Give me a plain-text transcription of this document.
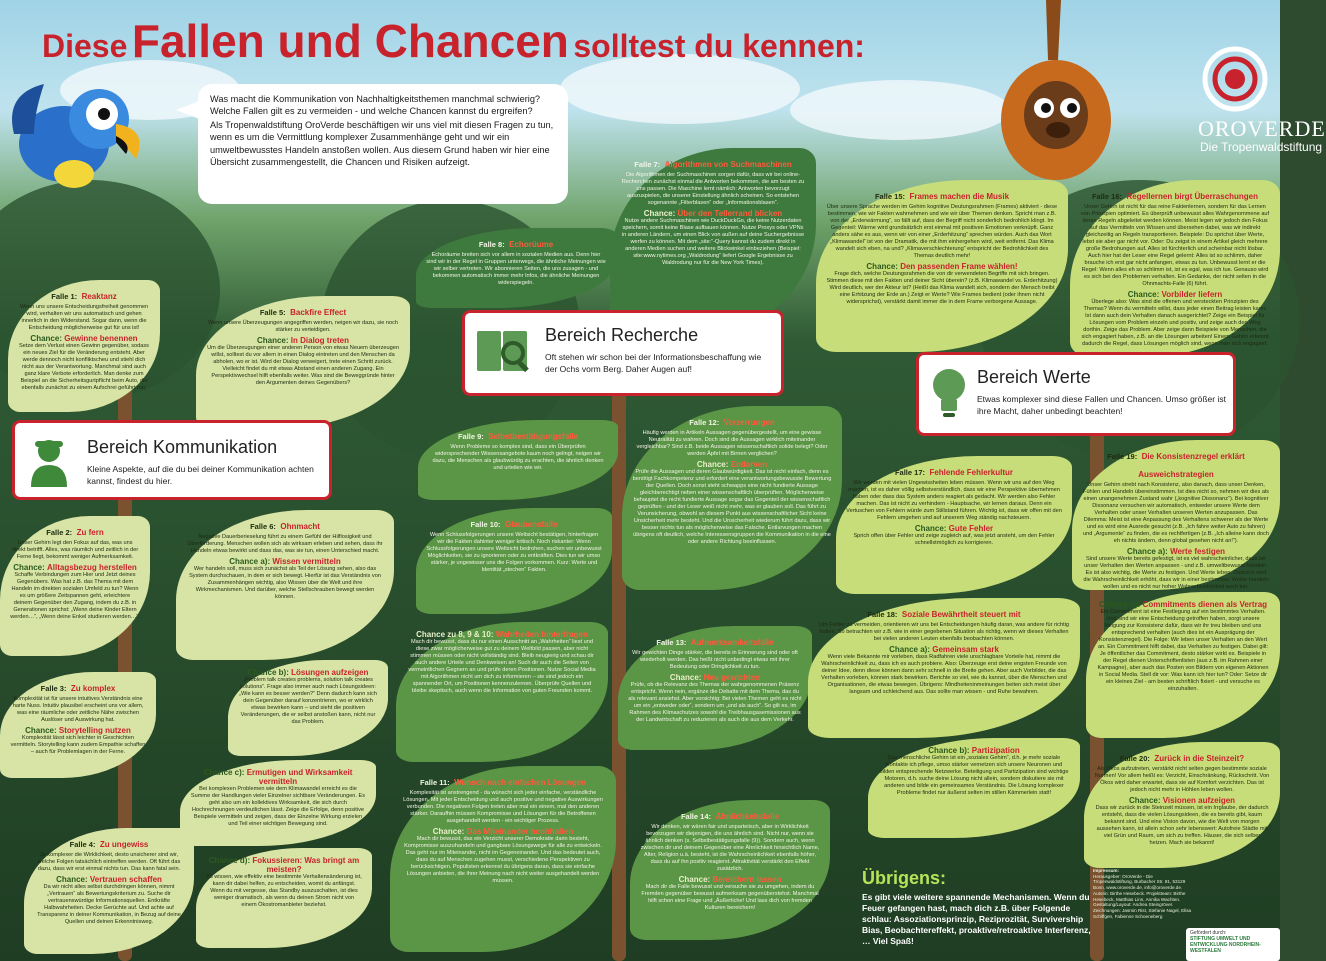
Diese Fallen und Chancen solltest du kennen:

Was macht die Kommunikation von Nachhaltigkeitsthemen manchmal schwierig? Welche Fallen gilt es zu vermeiden - und welche Chancen kannst du ergreifen?

Als Tropenwaldstiftung OroVerde beschäftigen wir uns viel mit diesen Fragen zu tun, wenn es um die Vermittlung komplexer Zusammenhänge geht und wir ein umweltbewusstes Handeln anstoßen wollen. Aus diesem Grund haben wir hier eine Übersicht zusammengestellt, die Chancen und Risiken aufzeigt.

OROVERDE
Die Tropenwaldstiftung
Falle 1: Reaktanz
Wenn uns unsere Entscheidungsfreiheit genommen wird, verhalten wir uns automatisch und gehen innerlich in den Widerstand. Sogar dann, wenn die Entscheidung möglicherweise gut für uns ist!
Chance: Gewinne benennen
Setze dem Verlust einen Gewinn gegenüber, sodass ein neues Ziel für die Veränderung entsteht. Aber werde dennoch nicht konfliktscheu und stiehl dich nicht aus der Verantwortung. Manchmal sind auch ganz klare Verbote erforderlich. Man denke zum Beispiel an die Sicherheitsgurtpflicht beim Auto, die ebenfalls zunächst zu einem Aufschrei geführt hat.
Falle 5: Backfire Effect
Wenn unsere Überzeugungen angegriffen werden, neigen wir dazu, sie noch stärker zu verteidigen.
Chance: In Dialog treten
Um die Überzeugungen einer anderen Person von etwas Neuem überzeugen willst, solltest du vor allem in einen Dialog eintreten und den Menschen da abholen, wo er ist. Wird der Dialog verweigert, trete einen Schritt zurück. Vielleicht findet du mit etwas Abstand einen anderen Zugang. Ein Perspektivwechsel hilft ebenfalls weiter. Was sind die Beweggründe hinter den Argumenten deines Gegenübers?
Bereich Kommunikation
Kleine Aspekte, auf die du bei deiner Kommunikation achten kannst, findest du hier.
Falle 2: Zu fern
Unser Gehirn legt den Fokus auf das, was uns direkt betrifft. Alles, was räumlich und zeitlich in der Ferne liegt, bekommt weniger Aufmerksamkeit.
Chance: Alltagsbezug herstellen
Schaffe Verbindungen zum Hier und Jetzt deines Gegenübers. Was hat z.B. das Thema mit dem Handeln im direkten sozialen Umfeld zu tun? Wenn es um größere Zeitspannen geht, erleichtere deinem Gegenüber den Zugang, indem du z.B. in Generationen sprichst: „Wenn deine Kinder Eltern werden…“, „Wenn deine Enkel studieren werden…“.
Falle 6: Ohnmacht
Negative Dauerberieselung führt zu einem Gefühl der Hilflosigkeit und Überforderung. Menschen wollen sich als wirksam erleben und sehen, dass ihr Handeln etwas bewirkt und dass das, was sie tun, einen Unterschied macht.
Chance a): Wissen vermitteln
Wer handeln soll, muss sich zunächst als Teil der Lösung sehen, also das System durchschauen, in dem er sich bewegt. Hierfür ist das Verständnis von Zusammenhängen wichtig, also Wissen über die Welt und ihre Wirkmechanismen. Und darüber, welche Stellschrauben bewegt werden können.
Chance b): Lösungen aufzeigen
„Problem talk creates problems, solution talk creates solutions“. Frage also immer auch nach Lösungsideen: „Wie kann es besser werden?“ Denn dadurch kann sich dein Gegenüber darauf konzentrieren, wo er wirklich etwas bewirken kann – und sieht die positiven Veränderungen, die er selbst anstoßen kann, nicht nur das Problem.
Falle 3: Zu komplex
Komplexität ist für unsere intuitives Verständnis eine harte Nuss. Intuitiv plausibel erscheint uns vor allem, was eine räumliche oder zeitliche Nähe zwischen Auslöser und Auswirkung hat.
Chance: Storytelling nutzen
Komplexität lässt sich leichter in Geschichten vermitteln. Storytelling kann zudem Empathie schaffen – auch für Problemlagen in der Ferne.
Chance c): Ermutigen und Wirksamkeit vermitteln
Bei komplexen Problemen wie dem Klimawandel erreicht es die Summe der Handlungen vieler Einzelner sichtbare Veränderungen. Es geht also um ein kollektives Wirksamkeit, die sich durch Hochrechnungen verdeutlichen lässt. Zeige die Erfolge, denn positive Beispiele vermitteln und zeigen, dass der Einzelne Wirkung erzielen und Teil einer wichtigen Bewegung sind.
Chance d): Fokussieren: Was bringt am meisten?
Zu wissen, wie effektiv eine bestimmte Verhaltensänderung ist, kann dir dabei helfen, zu entscheiden, womit du anfängst. Wenn du mit vergesse, das Standby auszuschalten, ist dies weniger dramatisch, als wenn du deinen Strom nicht von einem Ökostromanbieter beziehst.
Falle 4: Zu ungewiss
Je komplexer die Wirklichkeit, desto unsicherer sind wir, welche Folgen tatsächlich eintreffen werden. Oft führt das dazu, dass wir erst einmal nichts tun. Das kann fatal sein.
Chance: Vertrauen schaffen
Da wir nicht alles selbst durchdringen können, nimmt „Vertrauen“ als Bewertungskriterium zu. Suche dir vertrauenswürdige Informationsquellen. Entkräfte Halbwahrheiten. Decke Gerüchte auf. Und achte auf Transparenz in deiner Kommunikation, in Bezug auf deine Quellen und deinen Erkenntnisweg.
Falle 8: Echorüume
Echoräume breiten sich vor allem in sozialen Medien aus. Denn hier sind wir in der Regel in Gruppen unterwegs, die ähnliche Meinungen wie wir selber vertreten. Wir abonnieren Seiten, die uns zusagen - und bekommen automatisch immer mehr Infos, die ähnliche Meinungen widerspiegeln.
Falle 7: Algorithmen von Suchmaschinen
Die Algorithmen der Suchmaschinen sorgen dafür, dass wir bei online-Recherchen zunächst einmal die Antworten bekommen, die am besten zu uns passen. Die Maschine lernt nämlich: Antworten bevorzugt auszuspielen, die unserer Einstellung ähnlich scheinen. So entstehen sogenannte „Filterblasen“ oder „Informationsblasen“.
Chance: Über den Tellerrand blicken
Nutze andere Suchmaschinen wie DuckDuckGo, die keine Nutzerdaten speichern, somit keine Blase aufbauen können. Nutze Proxys oder VPNs in anderen Ländern, um einen Blick von außen auf deine Suchergebnisse werfen zu können. Mit dem „site:“-Query kannst du zudem direkt in anderen Medien suchen und weitere Blickwinkel einbeziehen (Beispiel: site:www.nytimes.org „Waldrodung“ liefert Google Ergebnisse zu Waldrodung nur für die New York Times).
Bereich Recherche
Oft stehen wir schon bei der Informationsbeschaffung wie der Ochs vorm Berg. Daher Augen auf!
Falle 9: Selbstbestätigungsfalle
Wenn Probleme so komplex sind, dass ein Überprüfen widersprechender Wissensangebote kaum noch gelingt, neigen wir dazu, die Menschen als glaubwürdig zu erachten, die ähnlich denken und urteilen wie wir.
Falle 12: Verzerrungen
Häufig werden in Artikeln Aussagen gegenübergestellt, um eine gewisse Neutralität zu wahren. Doch sind die Aussagen wirklich miteinander vergleichbar? Sind z.B. beide Aussagen wissenschaftlich solide belegt? Oder werden Äpfel mit Birnen verglichen?
Chance: Entlarven
Prüfe die Aussagen und deren Glaubwürdigkeit. Das ist nicht einfach, denn es benötigt Fachkompetenz und erfordert eine verantwortungsbewusste Bewertung der Quellen. Doch sonst steht schwapps eine nicht fundierte Aussage gleichberechtigt neben einer wissenschaftlich überprüften. Möglicherweise behauptet die nicht fundierte Aussage sogar das Gegenteil der wissenschaftlich geprüften - und der Leser weiß nicht mehr, was er glauben soll. Das führt zu Verunsicherung, obwohl an diesem Punkt aus wissenschaftlicher Sicht keine Unsicherheit mehr besteht. Und die Unsicherheit wiederum führt dazu, dass wir besser nichts tun als möglicherweise das Falsche. Entlarvungen machen übrigens oft deutlich, welche Interessensgruppen die Kommunikation in die eine oder andere Richtung beeinflussen.
Falle 10: Glaubensfalle
Wenn Schlussfolgerungen unsere Weltsicht bestätigen, hinterfragen wir die Fakten dahinter weniger kritisch. Noch riskanter: Wenn Schlussfolgerungen unsere Weltsicht bedrohen, suchen wir unbewusst Möglichkeiten, sie zu ignorieren oder zu entkräften. Dies tun wir umso stärker, je ungewisser uns die Folgen vorkommen. Kurz: Werte und Identität „stechen“ Fakten.
Chance zu 8, 9 & 10: Wahrheiten hinterfragen
Mach dir bewusst, dass du nur einen Ausschnitt an „Wahrheiten“ liest und diese zwar möglicherweise gut zu deinem Weltbild passen, aber nicht stimmen müssen oder nicht vollständig sind. Bleib neugierig und schau dir auch andere Urteile und Denkweisen an! Such dir auch die Seiten von vermeintlichen Gegnern an und prüfe deren Positionen. Nutze Social Media mit Algorithmen nicht um dich zu informieren – sie sind jedoch ein spannender Ort, um Positionen kennenzulernen. Überprüfe Quellen und bleibe skeptisch, auch wenn die Information von guten Freunden kommt.
Falle 13: Aufmerksamkeitsfalle
Wir gewichten Dinge stärker, die bereits in Erinnerung sind oder oft wiederholt werden. Das heißt nicht unbedingt etwas mit ihrer Bedeutung oder Dringlichkeit zu tun.
Chance: Neu gewichten
Prüfe, ob die Relevanz des Themas der wahrgenommenen Präsenz entspricht. Wenn nein, ergänze die Debatte mit dem Thema, das du als relevant ansiehst. Aber vorsichtig: Bei vielen Themen geht es nicht um ein „entweder oder“, sondern um „und als auch“. So gilt es, im Rahmen des Klimaschutzes sowohl die Treibhausgasemissionen aus der Landwirtschaft zu reduzieren als auch die aus dem Verkehr.
Falle 11: Wunsch nach einfachen Lösungen
Komplexität ist anstrengend - da wünscht sich jeder einfache, verständliche Lösungen. Mit jeder Entscheidung und auch positive und negative Auswirkungen verbunden. Die negativen Folgen treten aber mal ein einem, mal den anderen stärker. Daraufhin müssen Kompromisse und Lösungen für die Betroffenen ausgehandelt werden - ein wichtiger Prozess.
Chance: Das Miteinander hochhalten
Mach dir bewusst, das ein Verzicht unserer Demokratie darin besteht, Kompromisse auszuhandeln und gangbare Lösungswege für alle zu entwickeln. Das geht nur im Miteinander, nicht im Gegeneinander. Und das bedeutet auch, dass du auf Menschen zugehen musst, verschiedene Perspektiven zu berücksichtigen. Populisten erkennst du übrigens daran, dass sie einfache Lösungen anbieten, die ihrer Meinung nach nicht weiter ausgehandelt werden müssen.
Falle 14: Ähnlichkeitsfalle
Wir denken, wir wären fair und unparteiisch, aber in Wirklichkeit bevorzugen wir diejenigen, die uns ähnlich sind. Nicht nur, wenn sie ähnlich denken (s. Selbstbestätigungsfalle (9)). Sondern auch, wenn zwischen dir und deinem Gegenüber eine Ähnlichkeit hinsichtlich Name, Alter, Religion u.ä. besteht, ist die Wahrscheinlichkeit ebenfalls höher, dass du auf ihn positiv reagierst. Attraktivität verstärkt den Effekt zusätzlich.
Chance: Bereichern lassen
Mach dir die Falle bewusst und versuche sie zu umgehen, indem du Fremden gegenüber bewusst aufmerksam gegenüberstehst. Manchmal hilft schon eine Frage und „Äußerliche! Und lass dich von fremden Kulturen bereichern!
Falle 15: Frames machen die Musik
Über unsere Sprache werden im Gehirn kognitive Deutungsrahmen (Frames) aktiviert - diese bestimmen, wie wir Fakten wahrnehmen und wie wir über Themen denken. Spricht man z.B. von der „Erderwärmung“, so fällt auf, dass der Begriff nicht sonderlich bedrohlich klingt. Im Gegenteil: Wärme wird grundsätzlich erst einmal mit positiven Emotionen verknüpft. Ganz anders sähe es aus, wenn wir von einer „Erderhitzung“ sprechen würden. Auch das Wort „Klimawandel“ ist von der Dramatik, die mit ihm einhergehen wird, weit entfernt. Das Klima wandelt sich eben, na und? „Klimaverschlechterung“ entspricht der Bedrohlichkeit des Themas deutlich mehr!
Chance: Den passenden Frame wählen!
Frage dich, welche Deutungsrahmen die von dir verwendeten Begriffe mit sich bringen. Stimmen diese mit den Fakten und deiner Sicht überein? (z.B. Klimawandel vs. Erderhitzung) Wird deutlich, wer der Akteur ist? (Heißt das Klima wandelt sich, sondern der Mensch treibt eine Erhitzung der Erde an.) Zeigt er Werte? Wie Frames bedient (oder ihnen nicht widersprichst), verstärkt damit immer die in dem Frame verborgene Aussage.
Falle 16: Regellernen birgt Überraschungen
Unser Gehirn ist nicht für das reine Faktenlernen, sondern für das Lernen von Prinzipien optimiert. Es überprüft unbewusst alles Wahrgenommene auf deren Regeln abgeleitet werden können. Meist legen wir jedoch den Fokus auf das Vermitteln von Wissen und übersehen dabei, was wir indirekt gleichzeitig an Regeln transportieren. Beispiele: Du sprichst über Werte, lebst sie aber gar nicht vor. Oder: Du zeigst in einem Artikel gleich mehrere große Bedrohungen auf. Alles ist fürchterlich und scheinbar nicht lösbar. Auch hier hat der Leser eine Regel gelernt: Alles ist so schlimm, daher brauche ich erst gar nicht anfangen, etwas zu tun. Unbewusst lernt er die Regel: Wenn alles eh so schlimm ist, ist es egal, was ich tue. Genauso wird es sich bei den Problemen verhalten. Ein Gedanke, der nicht selten in die Ohnmachts-Falle (6) führt.
Chance: Vorbilder liefern
Überlege also: Was sind die offenen und versteckten Prinzipien des Themas? Wenn du vermitteln willst, dass jeder einen Beitrag leisten kann: Ist dann auch dein Verhalten danach ausgerichtet? Zeige ein Beispiel für Lösungen vom Problem einzeln und positiv, und zeige auch den Weg dorthin. Zeige das Problem. Aber zeige dann Beispiele von Menschen, die sich engagiert haben, z.B. an die Lösungen arbeiten! Einem Gehirn erkennt dadurch die Regel, dass Lösungen möglich sind, wenn man sich engagiert.
Bereich Werte
Etwas komplexer sind diese Fallen und Chancen. Umso größer ist ihre Macht, daher unbedingt beachten!
Falle 17: Fehlende Fehlerkultur
Wir werden mit vielen Ungewissheiten leben müssen. Wenn wir uns auf den Weg machen, ist es daher völlig selbstverständlich, dass wir eine Perspektive übernehmen haben oder dass das System anders reagiert als gedacht. Wir werden also Fehler machen. Das ist nicht zu verhindern - Hauptsache, wir lernen daraus. Denn ein Vertuschen von Fehlern würde zum Stillstand führen. Wichtig ist, dass wir offen mit den Fehlern umgehen und auf unserem Weg ständig nachsteuern.
Chance: Gute Fehler
Sprich offen über Fehler und zeige zugleich auf, was jetzt ansteht, um den Fehler schnellstmöglich zu korrigieren.
Falle 19: Die Konsistenzregel erklärt Ausweichstrategien
Unser Gehirn strebt nach Konsistenz, also danach, dass unser Denken, Fühlen und Handeln übereinstimmen. Ist dies nicht so, nehmen wir dies als einen unangenehmen Zustand wahr („kognitive Dissonanz“). Bei kognitiver Dissonanz versuchen wir automatisch, entweder unsere Werte dem Verhalten oder unser Verhalten unseren Werten anzupassen. Das Dilemma: Meist ist eine Anpassung des Verhaltens schwerer als der Werte und es wird eine Ausrede gesucht (z.B. „Ich fahre weiter Auto zu fahren) und „Argumente“ zu finden, die es rechtfertigen (z.B. „Ich alleine kann doch eh nichts ändern, denn global gesehen nicht an!“).
Chance a): Werte festigen
Sind unsere Werte bereits gefestigt, ist es viel wahrscheinlicher, dass wir unser Verhalten den Werten anpassen - und z.B. umweltbewusst handeln. Es ist also wichtig, die Werte zu festigen. Und Werte leben. Dadurch wird die Wahrscheinlichkeit erhöht, dass wir in einer bestimmten Weise handeln wollen und es nicht nur hoher Wahrscheinlichkeit auch tun.
Falle 18: Soziale Bewährtheit steuert mit
Um Fehler zu vermeiden, orientieren wir uns bei Entscheidungen häufig daran, was andere für richtig halten. So betrachten wir z.B. wie in einer gegebenen Situation als richtig, wenn wir dieses Verhalten bei vielen anderen Leuten ebenfalls beobachten können.
Chance a): Gemeinsam stark
Wenn viele Bekannte mir vorleben, dass Radfahren viele unschlagbare Vorteile hat, nimmt die Wahrscheinlichkeit zu, dass ich es auch probiere. Also: Überzeuge erst deine engsten Freunde von deiner Idee, denn diese können dann sehr schnell in die Breite gehen. Aber auch Vorbilder, die das Verhalten vorleben, können stark bewirken. Berichte so viel, wie du kannst, über die Menschen und Organisationen, die etwas bewegen. Übrigens: Mindheiteninmeinungen beiten sich meist über langsam und schleichend aus. Das sollte man wissen - und Ruhe bewahren.
Chance b): Commitments dienen als Vertrag
Ein Commitment ist eine Festlegung auf ein bestimmtes Verhalten. Und sind wir eine Entscheidung getroffen haben, sorgt unsere Neigung zur Konsistenz dafür, dass wir ihr treu bleiben und uns entsprechend verhalten (auch dies ist ein Ausprägung der Konsistenzregel). Die Folge: Wir leben unser Verhalten an den Wert an. Ein Commitment hilft dabei, das Verhalten zu festigen. Dabei gilt: Je öffentlicher das Commitment, desto stärker wirkt es. Beispiele in der Regel dienen Unterschriftenlisten (aus z.B. im Rahmen einer Kampagne), aber auch das Posten von Bildern von eigenen Aktionen in Social Media. Stell dir vor: Was kann ich hier tun? Oder: Setze dir ein kleines Ziel - am besten schriftlich fixiert - und versuche es einzuhalten.
Chance b): Partizipation
Das menschliche Gehirn ist ein „soziales Gehirn“, d.h. je mehr soziale Kontakte ich pflege, umso stärker vernetzen sich unsere Neuronen und bilden entsprechende Netzwerke. Beteiligung und Partizipation sind wichtige Motoren, d.h. suche deine Lösung nicht allein, sondern diskutiere sie mit anderen und bilde ein gemeinsames Verständnis. Die Lösung komplexer Probleme findet nur äußerst selten im stillen Kämmerlein statt!
Falle 20: Zurück in die Steinzeit?
Als Ökos aufzutreten, verstärkt nicht selten gegen bestimmte soziale Normen! Vor allem heißt es: Verzicht, Einschränkung, Rückschritt. Von Ökos wird daher erwartet, dass sie auf Komfort verzichten. Das ist jedoch nicht mehr in Höhlen leben wollen.
Chance: Visionen aufzeigen
Dass wir zurück in die Steinzeit müssen, ist ein Irrglaube, der dadurch entsteht, dass die vielen Lösungsideen, die es bereits gibt, kaum bekannt sind. Und eine Vision davon, wie die Welt von morgen aussehen kann, ist allein schon sehr lebenswert: Autofreie Städte mit viel Grün und Raum, um sich zu treffen. Häuser, die sich selber heizen. Mach sie bekannt!
Übrigens:
Es gibt viele weitere spannende Mechanismen. Wenn du Feuer gefangen hast, mach dich z.B. über Folgende schlau: Assoziationsprinzip, Reziprozität, Survivership Bias, Beobachtereffekt, proaktive/retroaktive Interferenz, … Viel Spaß!
Impressum:
Herausgeber: OroVerde - Die Tropenwaldstiftung, Burbacher Str. 81, 53129 Bonn, www.oroverde.de, info@oroverde.de. Autorin: Birthe Hesebeck. Projektteam: Birthe Hesebeck, Matthias Linn, Annika Wachten. Gestaltung/Layout: Andrea Steingröver. Zeichnungen: Jasmin Rist, Stefanie Nagel, Elisa Schiffgen, Fabienne Schoeneberg
Gefördert durch:
STIFTUNG UMWELT UND ENTWICKLUNG NORDRHEIN-WESTFALEN
